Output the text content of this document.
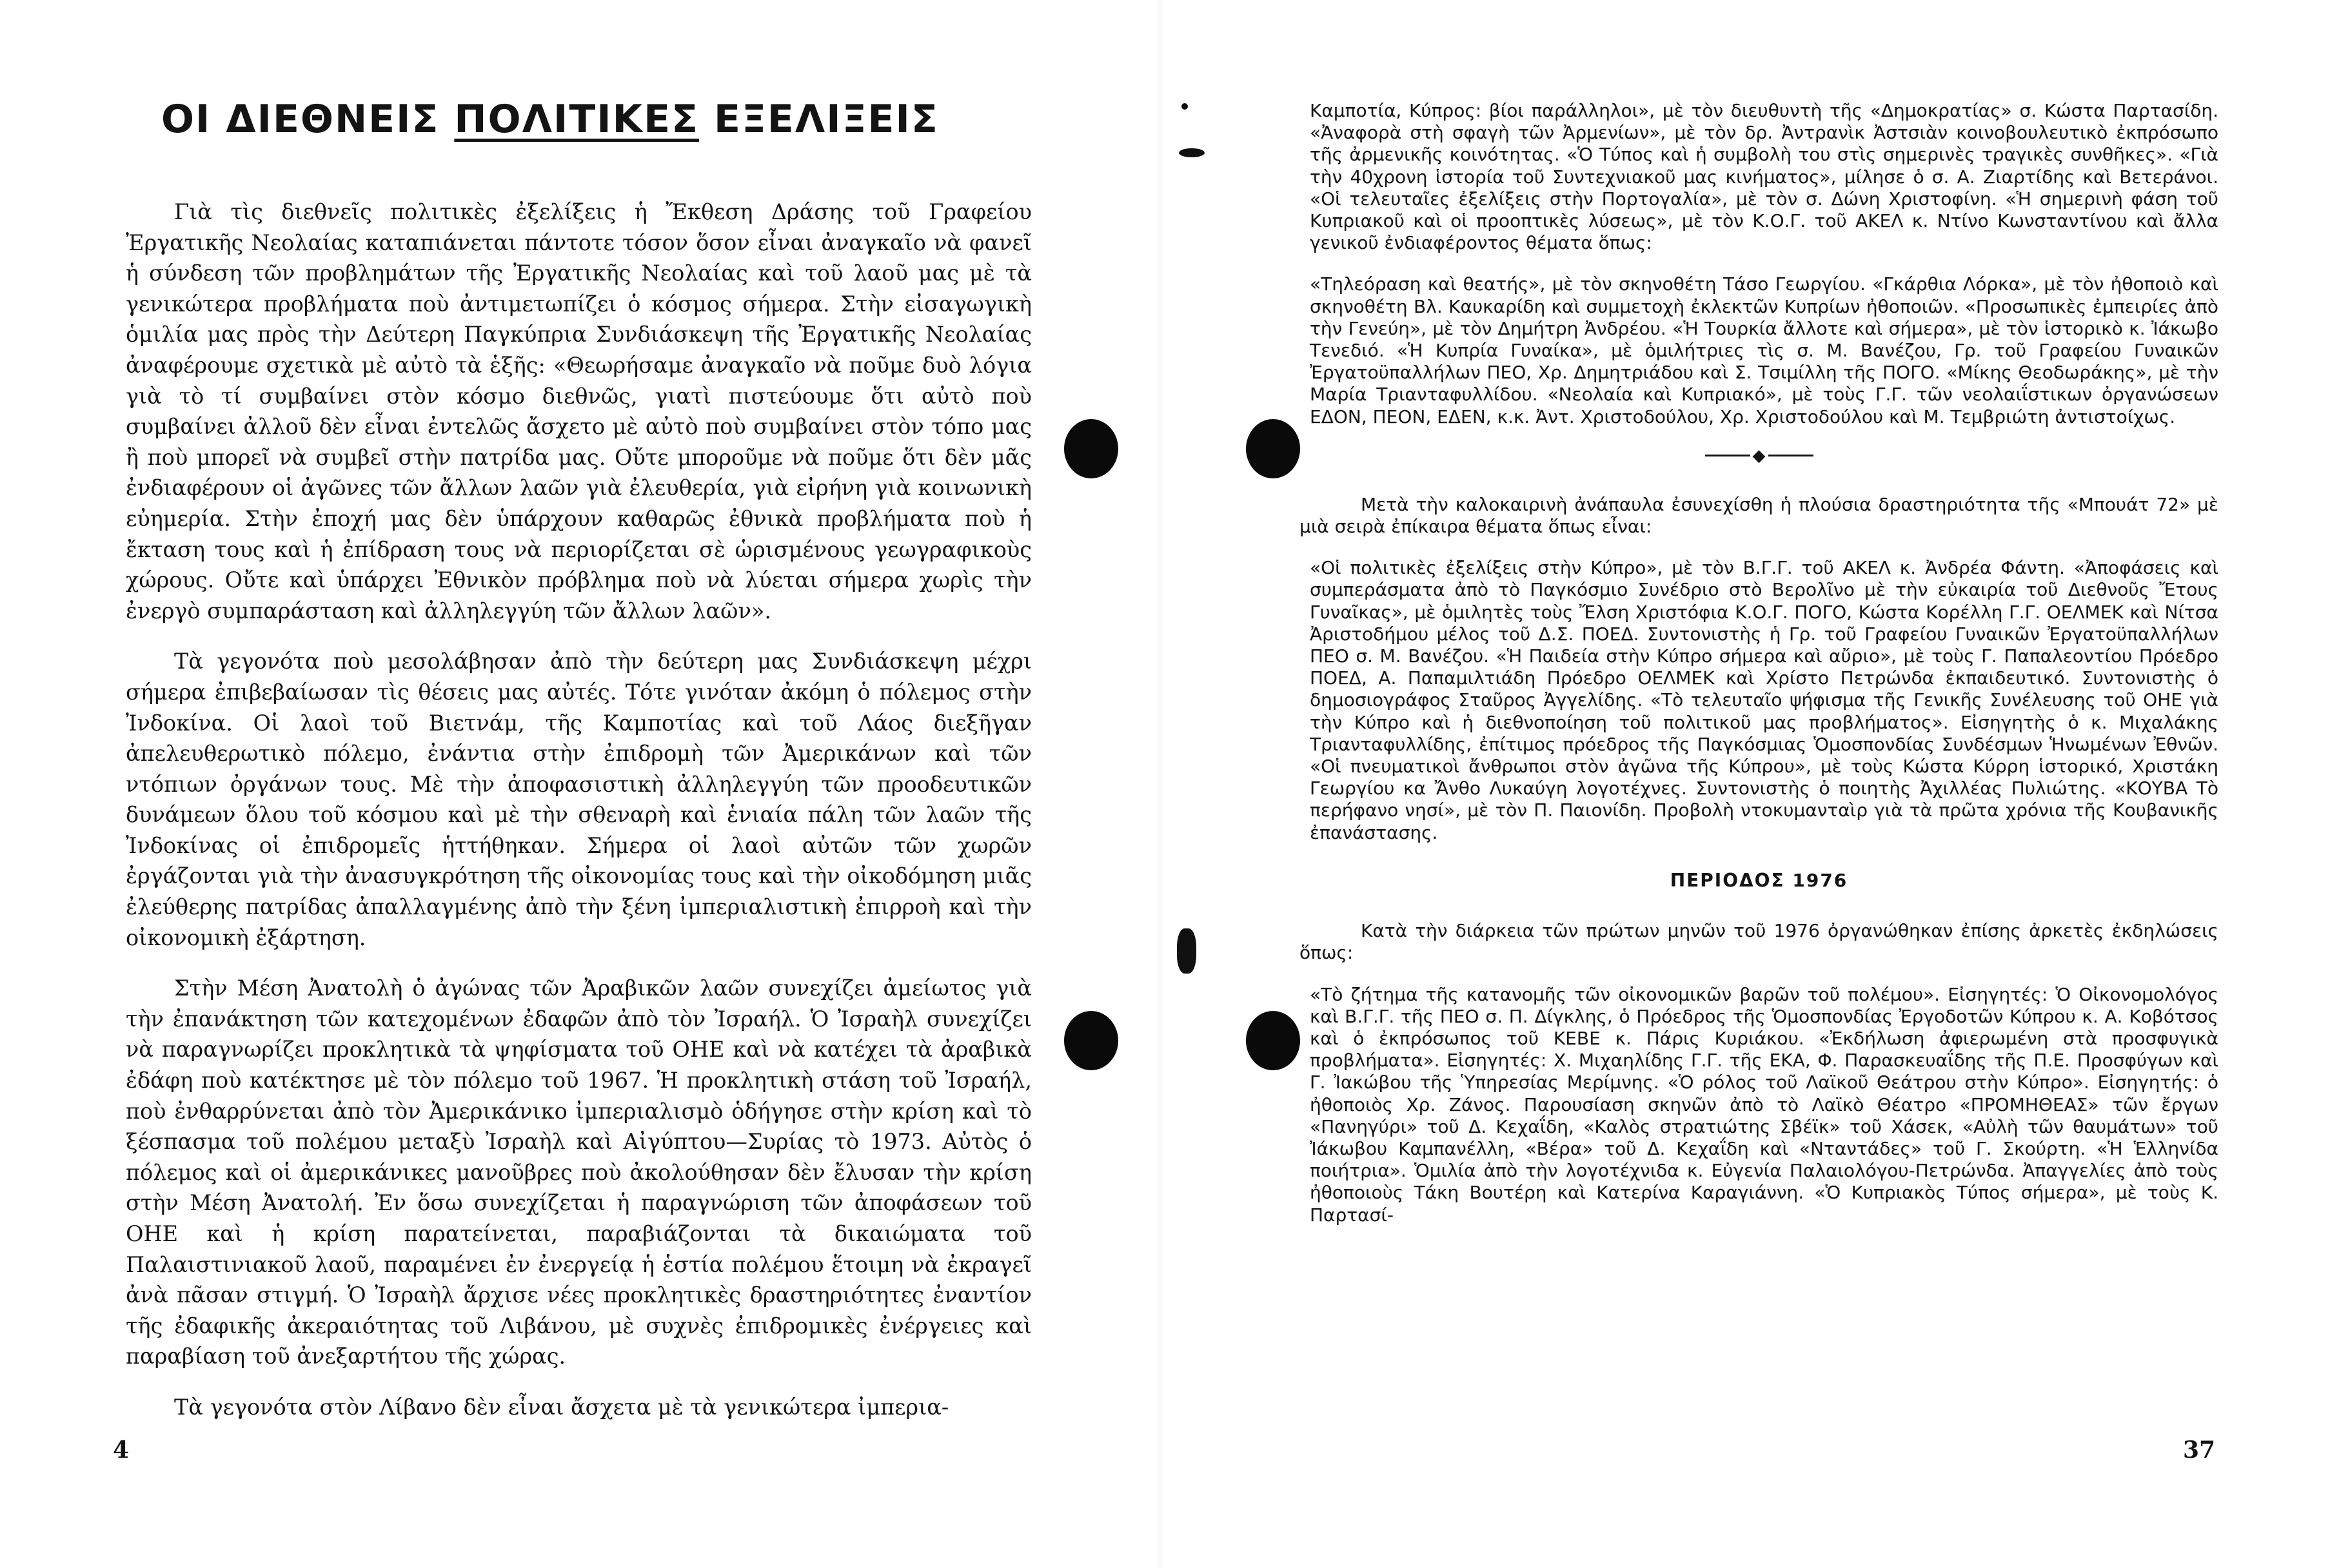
ΟΙ ΔΙΕΘΝΕΙΣ ΠΟΛΙΤΙΚΕΣ ΕΞΕΛΙΞΕΙΣ

Γιὰ τὶς διεθνεῖς πολιτικὲς ἐξελίξεις ἡ Ἔκθεση Δράσης τοῦ Γραφείου Ἐργατικῆς Νεολαίας καταπιάνεται πάντοτε τόσον ὅσον εἶναι ἀναγκαῖο νὰ φανεῖ ἡ σύνδεση τῶν προβλημάτων τῆς Ἐργατικῆς Νεολαίας καὶ τοῦ λαοῦ μας μὲ τὰ γενικώτερα προβλήματα ποὺ ἀντιμετωπίζει ὁ κόσμος σήμερα. Στὴν εἰσαγωγικὴ ὁμιλία μας πρὸς τὴν Δεύτερη Παγκύπρια Συνδιάσκεψη τῆς Ἐργατικῆς Νεολαίας ἀναφέρουμε σχετικὰ μὲ αὐτὸ τὰ ἑξῆς: «Θεωρήσαμε ἀναγκαῖο νὰ ποῦμε δυὸ λόγια γιὰ τὸ τί συμβαίνει στὸν κόσμο διεθνῶς, γιατὶ πιστεύουμε ὅτι αὐτὸ ποὺ συμβαίνει ἀλλοῦ δὲν εἶναι ἐντελῶς ἄσχετο μὲ αὐτὸ ποὺ συμβαίνει στὸν τόπο μας ἢ ποὺ μπορεῖ νὰ συμβεῖ στὴν πατρίδα μας. Οὔτε μποροῦμε νὰ ποῦμε ὅτι δὲν μᾶς ἐνδιαφέρουν οἱ ἀγῶνες τῶν ἄλλων λαῶν γιὰ ἐλευθερία, γιὰ εἰρήνη γιὰ κοινωνικὴ εὐημερία. Στὴν ἐποχή μας δὲν ὑπάρχουν καθαρῶς ἐθνικὰ προβλήματα ποὺ ἡ ἔκταση τους καὶ ἡ ἐπίδραση τους νὰ περιορίζεται σὲ ὡρισμένους γεωγραφικοὺς χώρους. Οὔτε καὶ ὑπάρχει Ἐθνικὸν πρόβλημα ποὺ νὰ λύεται σήμερα χωρὶς τὴν ἐνεργὸ συμπαράσταση καὶ ἀλληλεγγύη τῶν ἄλλων λαῶν».

Τὰ γεγονότα ποὺ μεσολάβησαν ἀπὸ τὴν δεύτερη μας Συνδιάσκεψη μέχρι σήμερα ἐπιβεβαίωσαν τὶς θέσεις μας αὐτές. Τότε γινόταν ἀκόμη ὁ πόλεμος στὴν Ἰνδοκίνα. Οἱ λαοὶ τοῦ Βιετνάμ, τῆς Καμποτίας καὶ τοῦ Λάος διεξῆγαν ἀπελευθερωτικὸ πόλεμο, ἐνάντια στὴν ἐπιδρομὴ τῶν Ἀμερικάνων καὶ τῶν ντόπιων ὀργάνων τους. Μὲ τὴν ἀποφασιστικὴ ἀλληλεγγύη τῶν προοδευτικῶν δυνάμεων ὅλου τοῦ κόσμου καὶ μὲ τὴν σθεναρὴ καὶ ἑνιαία πάλη τῶν λαῶν τῆς Ἰνδοκίνας οἱ ἐπιδρομεῖς ἡττήθηκαν. Σήμερα οἱ λαοὶ αὐτῶν τῶν χωρῶν ἐργάζονται γιὰ τὴν ἀνασυγκρότηση τῆς οἰκονομίας τους καὶ τὴν οἰκοδόμηση μιᾶς ἐλεύθερης πατρίδας ἀπαλλαγμένης ἀπὸ τὴν ξένη ἰμπεριαλιστικὴ ἐπιρροὴ καὶ τὴν οἰκονομικὴ ἐξάρτηση.

Στὴν Μέση Ἀνατολὴ ὁ ἀγώνας τῶν Ἀραβικῶν λαῶν συνεχίζει ἀμείωτος γιὰ τὴν ἐπανάκτηση τῶν κατεχομένων ἐδαφῶν ἀπὸ τὸν Ἰσραήλ. Ὁ Ἰσραὴλ συνεχίζει νὰ παραγνωρίζει προκλητικὰ τὰ ψηφίσματα τοῦ ΟΗΕ καὶ νὰ κατέχει τὰ ἀραβικὰ ἐδάφη ποὺ κατέκτησε μὲ τὸν πόλεμο τοῦ 1967. Ἡ προκλητικὴ στάση τοῦ Ἰσραήλ, ποὺ ἐνθαρρύνεται ἀπὸ τὸν Ἀμερικάνικο ἰμπεριαλισμὸ ὁδήγησε στὴν κρίση καὶ τὸ ξέσπασμα τοῦ πολέμου μεταξὺ Ἰσραὴλ καὶ Αἰγύπτου—Συρίας τὸ 1973. Αὐτὸς ὁ πόλεμος καὶ οἱ ἀμερικάνικες μανοῦβρες ποὺ ἀκολούθησαν δὲν ἔλυσαν τὴν κρίση στὴν Μέση Ἀνατολή. Ἐν ὅσω συνεχίζεται ἡ παραγνώριση τῶν ἀποφάσεων τοῦ ΟΗΕ καὶ ἡ κρίση παρατείνεται, παραβιάζονται τὰ δικαιώματα τοῦ Παλαιστινιακοῦ λαοῦ, παραμένει ἐν ἐνεργείᾳ ἡ ἑστία πολέμου ἕτοιμη νὰ ἐκραγεῖ ἀνὰ πᾶσαν στιγμή. Ὁ Ἰσραὴλ ἄρχισε νέες προκλητικὲς δραστηριότητες ἐναντίον τῆς ἐδαφικῆς ἀκεραιότητας τοῦ Λιβάνου, μὲ συχνὲς ἐπιδρομικὲς ἐνέργειες καὶ παραβίαση τοῦ ἀνεξαρτήτου τῆς χώρας.

Τὰ γεγονότα στὸν Λίβανο δὲν εἶναι ἄσχετα μὲ τὰ γενικώτερα ἰμπερια-

4

Καμποτία, Κύπρος: βίοι παράλληλοι», μὲ τὸν διευθυντὴ τῆς «Δημοκρατίας» σ. Κώστα Παρτασίδη. «Ἀναφορὰ στὴ σφαγὴ τῶν Ἀρμενίων», μὲ τὸν δρ. Ἀντρανὶκ Ἀστσιὰν κοινοβουλευτικὸ ἐκπρόσωπο τῆς ἀρμενικῆς κοινότητας. «Ὁ Τύπος καὶ ἡ συμβολὴ του στὶς σημερινὲς τραγικὲς συνθῆκες». «Γιὰ τὴν 40χρονη ἱστορία τοῦ Συντεχνιακοῦ μας κινήματος», μίλησε ὁ σ. Α. Ζιαρτίδης καὶ Βετεράνοι. «Οἱ τελευταῖες ἐξελίξεις στὴν Πορτογαλία», μὲ τὸν σ. Δώνη Χριστοφίνη. «Ἡ σημερινὴ φάση τοῦ Κυπριακοῦ καὶ οἱ προοπτικὲς λύσεως», μὲ τὸν Κ.Ο.Γ. τοῦ ΑΚΕΛ κ. Ντίνο Κωνσταντίνου καὶ ἄλλα γενικοῦ ἐνδιαφέροντος θέματα ὅπως:

«Τηλεόραση καὶ θεατής», μὲ τὸν σκηνοθέτη Τάσο Γεωργίου. «Γκάρθια Λόρκα», μὲ τὸν ἠθοποιὸ καὶ σκηνοθέτη Βλ. Καυκαρίδη καὶ συμμετοχὴ ἐκλεκτῶν Κυπρίων ἠθοποιῶν. «Προσωπικὲς ἐμπειρίες ἀπὸ τὴν Γενεύη», μὲ τὸν Δημήτρη Ἀνδρέου. «Ἡ Τουρκία ἄλλοτε καὶ σήμερα», μὲ τὸν ἱστορικὸ κ. Ἰάκωβο Τενεδιό. «Ἡ Κυπρία Γυναίκα», μὲ ὁμιλήτριες τὶς σ. Μ. Βανέζου, Γρ. τοῦ Γραφείου Γυναικῶν Ἐργατοϋπαλλήλων ΠΕΟ, Χρ. Δημητριάδου καὶ Σ. Τσιμίλλη τῆς ΠΟΓΟ. «Μίκης Θεοδωράκης», μὲ τὴν Μαρία Τριανταφυλλίδου. «Νεολαία καὶ Κυπριακό», μὲ τοὺς Γ.Γ. τῶν νεολαιΐστικων ὀργανώσεων ΕΔΟΝ, ΠΕΟΝ, ΕΔΕΝ, κ.κ. Ἀντ. Χριστοδούλου, Χρ. Χριστοδούλου καὶ Μ. Τεμβριώτη ἀντιστοίχως.

◆

Μετὰ τὴν καλοκαιρινὴ ἀνάπαυλα ἐσυνεχίσθη ἡ πλούσια δραστηριότητα τῆς «Μπουάτ 72» μὲ μιὰ σειρὰ ἐπίκαιρα θέματα ὅπως εἶναι:

«Οἱ πολιτικὲς ἐξελίξεις στὴν Κύπρο», μὲ τὸν Β.Γ.Γ. τοῦ ΑΚΕΛ κ. Ἀνδρέα Φάντη. «Ἀποφάσεις καὶ συμπεράσματα ἀπὸ τὸ Παγκόσμιο Συνέδριο στὸ Βερολῖνο μὲ τὴν εὐκαιρία τοῦ Διεθνοῦς Ἔτους Γυναῖκας», μὲ ὁμιλητὲς τοὺς Ἔλση Χριστόφια Κ.Ο.Γ. ΠΟΓΟ, Κώστα Κορέλλη Γ.Γ. ΟΕΛΜΕΚ καὶ Νίτσα Ἀριστοδήμου μέλος τοῦ Δ.Σ. ΠΟΕΔ. Συντονιστὴς ἡ Γρ. τοῦ Γραφείου Γυναικῶν Ἐργατοϋπαλλήλων ΠΕΟ σ. Μ. Βανέζου. «Ἡ Παιδεία στὴν Κύπρο σήμερα καὶ αὔριο», μὲ τοὺς Γ. Παπαλεοντίου Πρόεδρο ΠΟΕΔ, Α. Παπαμιλτιάδη Πρόεδρο ΟΕΛΜΕΚ καὶ Χρίστο Πετρώνδα ἐκπαιδευτικό. Συντονιστὴς ὁ δημοσιογράφος Σταῦρος Ἀγγελίδης. «Τὸ τελευταῖο ψήφισμα τῆς Γενικῆς Συνέλευσης τοῦ ΟΗΕ γιὰ τὴν Κύπρο καὶ ἡ διεθνοποίηση τοῦ πολιτικοῦ μας προβλήματος». Εἰσηγητὴς ὁ κ. Μιχαλάκης Τριανταφυλλίδης, ἐπίτιμος πρόεδρος τῆς Παγκόσμιας Ὁμοσπονδίας Συνδέσμων Ἡνωμένων Ἐθνῶν. «Οἱ πνευματικοὶ ἄνθρωποι στὸν ἀγῶνα τῆς Κύπρου», μὲ τοὺς Κώστα Κύρρη ἱστορικό, Χριστάκη Γεωργίου κα Ἄνθο Λυκαύγη λογοτέχνες. Συντονιστὴς ὁ ποιητὴς Ἀχιλλέας Πυλιώτης. «ΚΟΥΒΑ Τὸ περήφανο νησί», μὲ τὸν Π. Παιονίδη. Προβολὴ ντοκυμανταὶρ γιὰ τὰ πρῶτα χρόνια τῆς Κουβανικῆς ἐπανάστασης.

ΠΕΡΙΟΔΟΣ 1976

Κατὰ τὴν διάρκεια τῶν πρώτων μηνῶν τοῦ 1976 ὀργανώθηκαν ἐπίσης ἀρκετὲς ἐκδηλώσεις ὅπως:

«Τὸ ζήτημα τῆς κατανομῆς τῶν οἰκονομικῶν βαρῶν τοῦ πολέμου». Εἰσηγητές: Ὁ Οἰκονομολόγος καὶ Β.Γ.Γ. τῆς ΠΕΟ σ. Π. Δίγκλης, ὁ Πρόεδρος τῆς Ὁμοσπονδίας Ἐργοδοτῶν Κύπρου κ. Α. Κοβότσος καὶ ὁ ἐκπρόσωπος τοῦ ΚΕΒΕ κ. Πάρις Κυριάκου. «Ἐκδήλωση ἀφιερωμένη στὰ προσφυγικὰ προβλήματα». Εἰσηγητές: Χ. Μιχαηλίδης Γ.Γ. τῆς ΕΚΑ, Φ. Παρασκευαΐδης τῆς Π.Ε. Προσφύγων καὶ Γ. Ἰακώβου τῆς Ὑπηρεσίας Μερίμνης. «Ὁ ρόλος τοῦ Λαϊκοῦ Θεάτρου στὴν Κύπρο». Εἰσηγητής: ὁ ἠθοποιὸς Χρ. Ζάνος. Παρουσίαση σκηνῶν ἀπὸ τὸ Λαϊκὸ Θέατρο «ΠΡΟΜΗΘΕΑΣ» τῶν ἔργων «Πανηγύρι» τοῦ Δ. Κεχαΐδη, «Καλὸς στρατιώτης Σβέϊκ» τοῦ Χάσεκ, «Αὐλὴ τῶν θαυμάτων» τοῦ Ἰάκωβου Καμπανέλλη, «Βέρα» τοῦ Δ. Κεχαΐδη καὶ «Νταντάδες» τοῦ Γ. Σκούρτη. «Ἡ Ἑλληνίδα ποιήτρια». Ὁμιλία ἀπὸ τὴν λογοτέχνιδα κ. Εὐγενία Παλαιολόγου-Πετρώνδα. Ἀπαγγελίες ἀπὸ τοὺς ἠθοποιοὺς Τάκη Βουτέρη καὶ Κατερίνα Καραγιάννη. «Ὁ Κυπριακὸς Τύπος σήμερα», μὲ τοὺς Κ. Παρτασί-

37
